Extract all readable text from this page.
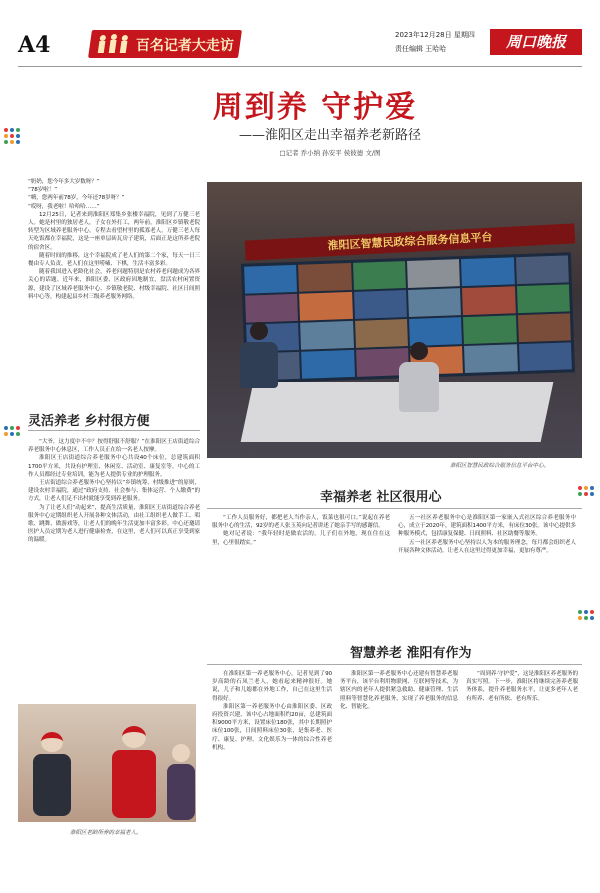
A4	百名记者大走访
2023年12月28日 星期四
责任编辑 王哈哈	周口晚报
周到养 守护爱
——淮阳区走出幸福养老新路径
□记者 乔小纳 孙安平 侯彼德 文/图

“奶奶，您今年多大岁数呀？”

“78岁啦！”

“嗨，您两年前78岁，今年还78岁呀？”

“哎呀，我老啦！哈哈哈……”

12月25日，记者来到淮阳区郑集乡张楼幸福院，见到了万健三老人。她是村里的独居老人，子女在外打工，两年前，淮阳区乡镇敬老院转型为区域养老服务中心，专程去看望村里的孤寡老人。万健三老人每天吃饭都在幸福院，这是一座单层砖瓦房子建筑，后面正是这所养老院的宿舍区。

随着时间的推移，这个幸福院成了老人们的第二个家，每天一日三餐由专人负责，老人们在这里唠嗑、下棋，生活丰富多彩。

随着我国进入老龄化社会，养老问题特别是农村养老问题成为各界关心的话题。近年来，淮阳区委、区政府因地制宜，盘活农村闲置资源，建设了区域养老服务中心、乡镇敬老院、村级幸福院、社区日间照料中心等，构建起县乡村三级养老服务网络。

淮阳区智慧民政综合服务信息平台
淮阳区智慧民政综合服务信息平台中心。
灵活养老 乡村很方便

“大爷，这力度中不中？按得舒服不舒服？”在淮阳区王店街道综合养老服务中心休息区，工作人员正在给一名老人按摩。

淮阳区王店街道综合养老服务中心共设40个床位，总建筑面积1700平方米，共设有护理室、休闲室、活动室、康复室等。中心的工作人员都经过专业培训，能为老人提供专业的护理服务。

王店街道综合养老服务中心坚持以“乡镇统筹、村级推进”的原则，建设农村幸福院，通过“政府支持、社会参与、集体运营、个人缴费”的方式，让老人们足不出村就能享受到养老服务。

为了让老人们“动起来”，提高生活质量，淮阳区王店街道综合养老服务中心定期组织老人开展各种文体活动，由社工组织老人做手工、唱歌、跳舞、做游戏等，让老人们的晚年生活更加丰富多彩。中心还邀请医护人员定期为老人进行健康检查，在这里，老人们可以真正享受到家的温暖。

淮阳区老龄所养的幸福老人。
幸福养老 社区很用心

“工作人员服务好，都把老人当作亲人，饭菜也很可口。”说起在养老服务中心的生活，92岁的老人张玉英向记者讲述了她亲手写的感谢信。

她对记者说：“我年轻时是做农活的，儿子们在外地，现在住在这里，心里很踏实。”

五一社区养老服务中心是淮阳区第一家嵌入式社区综合养老服务中心，成立于2020年，建筑面积1400平方米，有床位30张。该中心提供多种服务模式，包括康复保健、日间照料、社区助餐等服务。

五一社区养老服务中心坚持以人为本的服务理念，每月都会组织老人开展各种文体活动，让老人在这里过得更加幸福，更加有尊严。

智慧养老 淮阳有作为

在淮阳区第一养老服务中心，记者见到了90岁高龄的石凤兰老人，她看起来精神很好。她说，儿子和儿媳都在外地工作，自己在这里生活得很好。

淮阳区第一养老服务中心由淮阳区委、区政府投资兴建，该中心占地面积约20亩，总建筑面积9000平方米，设置床位180张，其中长期照护床位100张，日间照料床位30张，是集养老、医疗、康复、护理、文化娱乐为一体的综合性养老机构。

淮阳区第一养老服务中心还建有智慧养老服务平台，该平台利用物联网、互联网等技术，为辖区内的老年人提供紧急救助、健康管理、生活照料等智慧化养老服务，实现了养老服务的信息化、智能化。

“周到养·守护爱”，这是淮阳区养老服务的真实写照。下一步，淮阳区将继续完善养老服务体系，提升养老服务水平，让更多老年人老有所养、老有所依、老有所乐。
